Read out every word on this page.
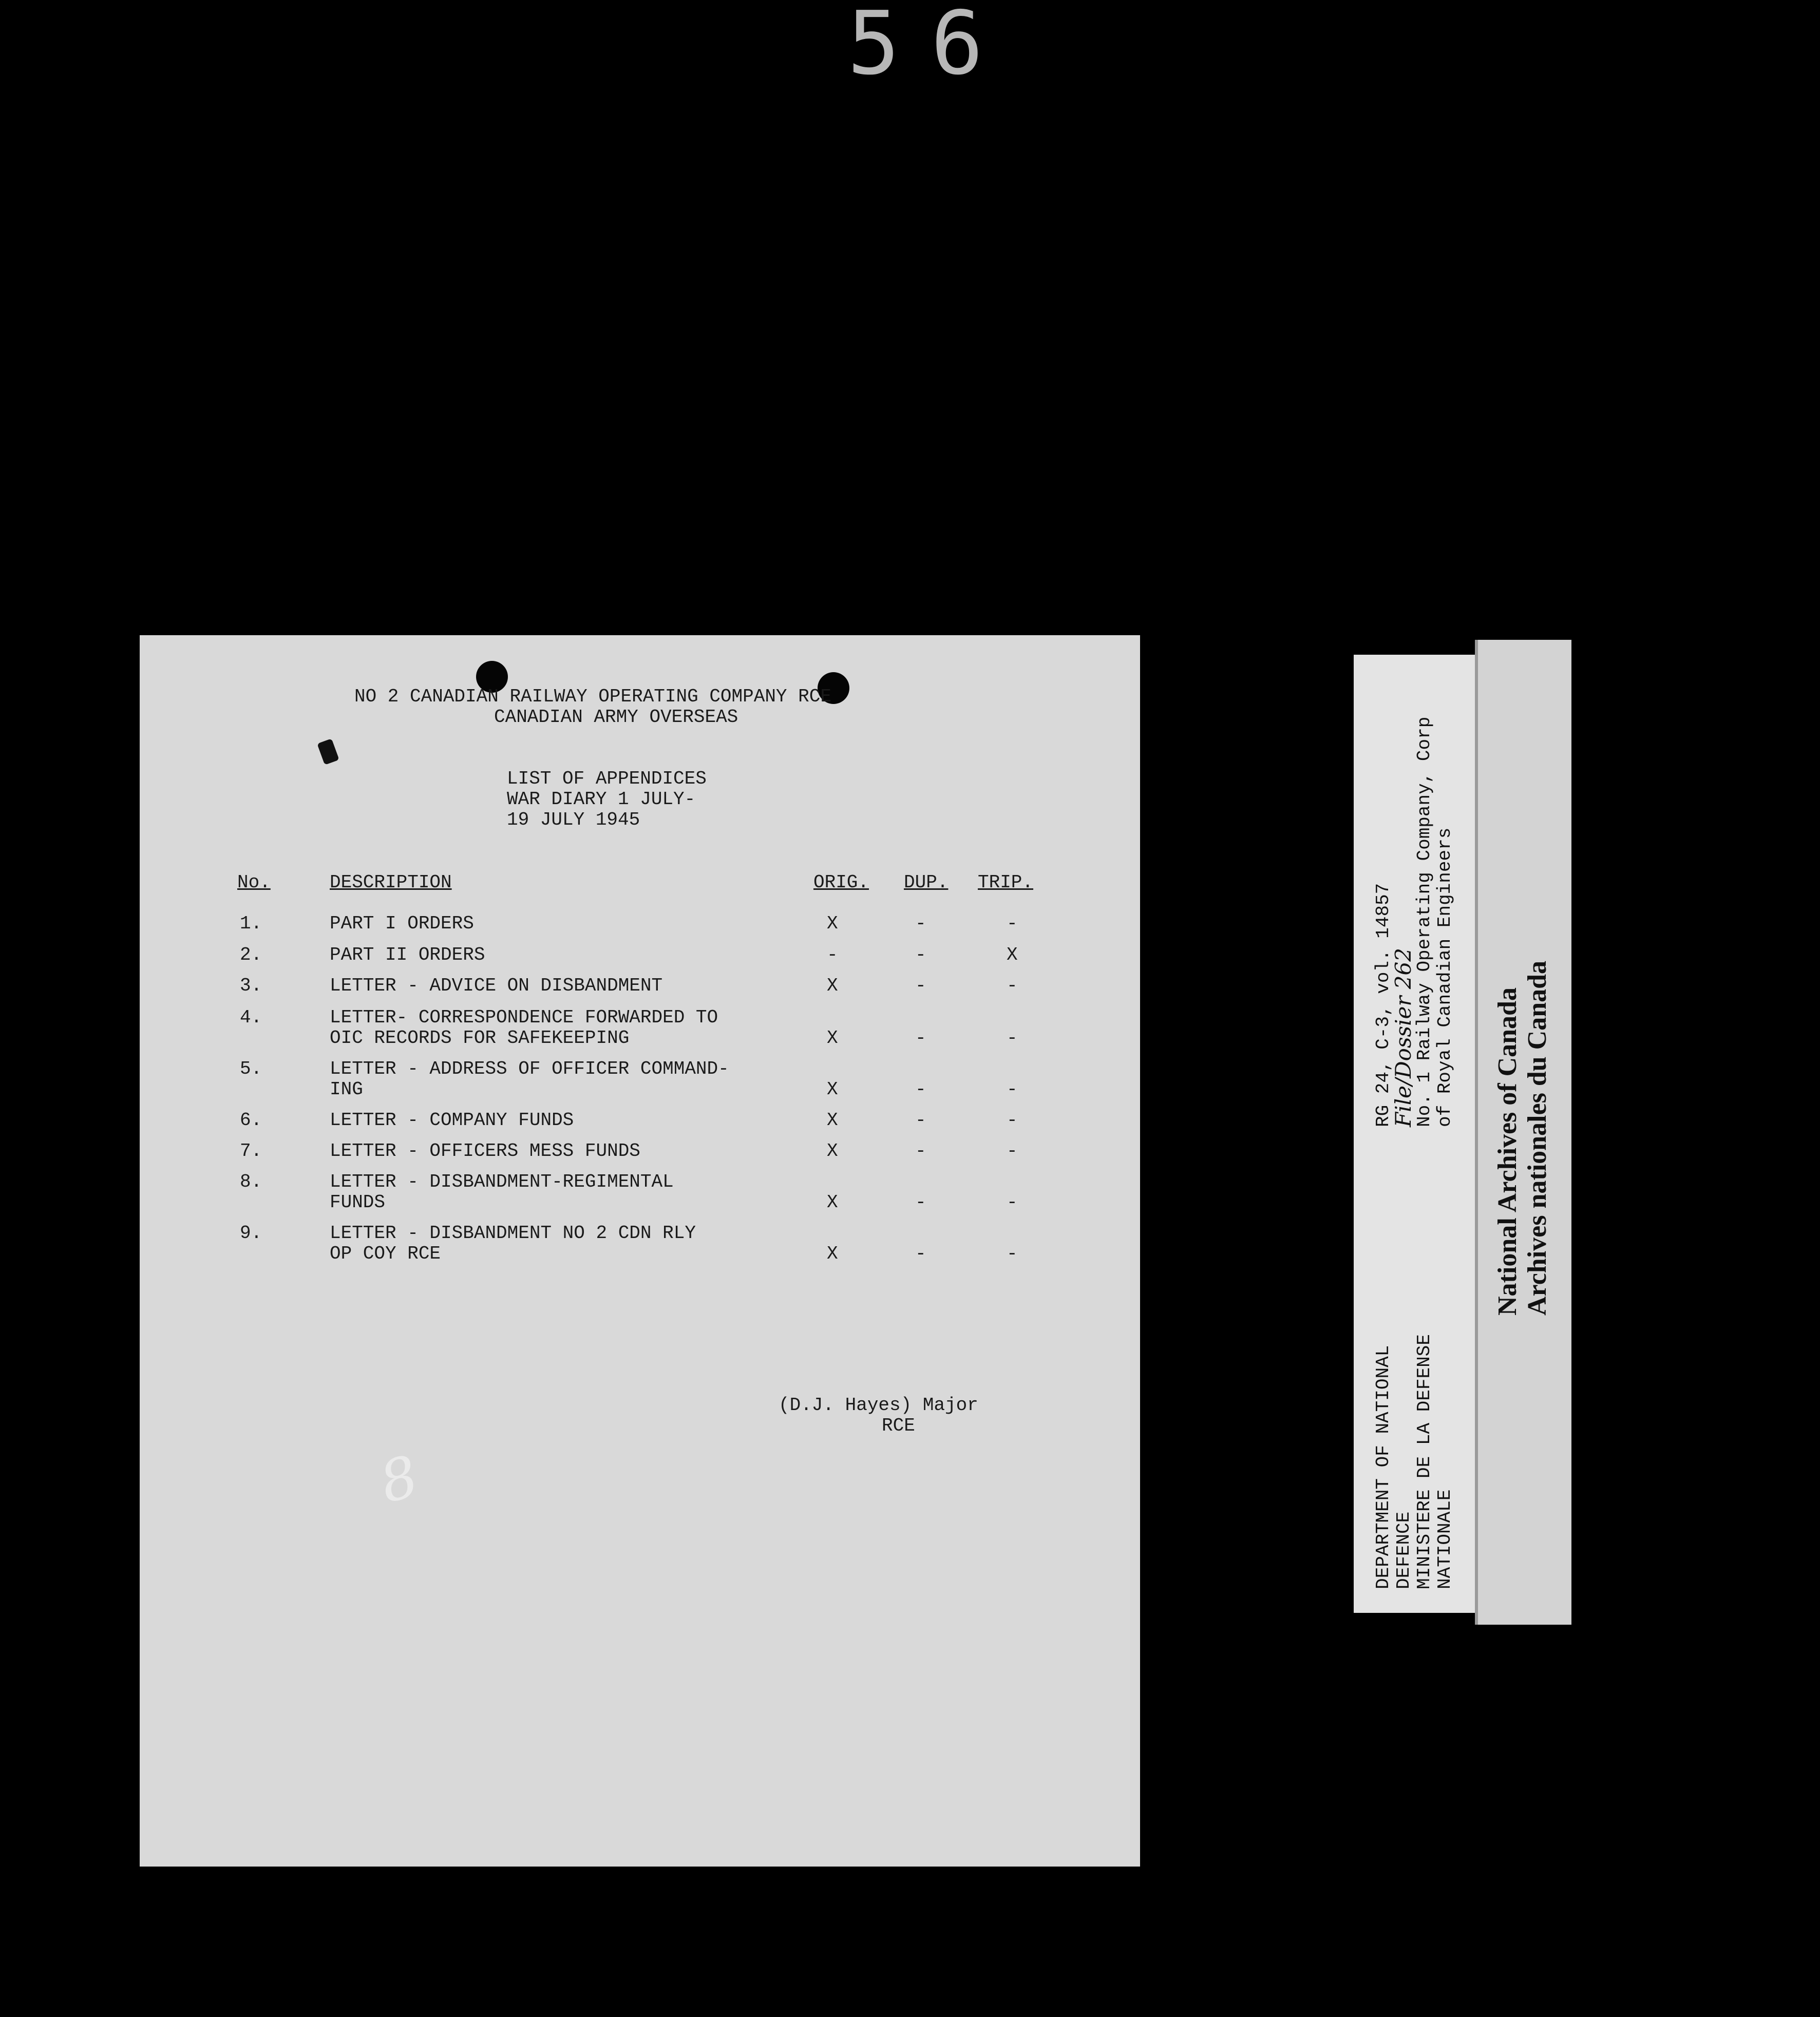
56
NO 2 CANADIAN RAILWAY OPERATING COMPANY RCE
CANADIAN ARMY OVERSEAS
LIST OF APPENDICES
WAR DIARY 1 JULY-
19 JULY 1945
No.	DESCRIPTION	ORIG. DUP. TRIP.
1.	PART I ORDERS	X	-	-
2.	PART II ORDERS	-	-	X
3.	LETTER - ADVICE ON DISBANDMENT	X	-	-
4.	LETTER- CORRESPONDENCE FORWARDED TO
OIC RECORDS FOR SAFEKEEPING	X	-	-
5.	LETTER - ADDRESS OF OFFICER COMMAND-
ING	X	-	-
6.	LETTER - COMPANY FUNDS	X	-	-
7.	LETTER - OFFICERS MESS FUNDS	X	-	-
8.	LETTER - DISBANDMENT-REGIMENTAL
FUNDS	X	-	-
9.	LETTER - DISBANDMENT NO 2 CDN RLY
OP COY RCE	X	-	-
(D.J. Hayes) Major
RCE
8	DEPARTMENT OF NATIONAL DEFENCE MINISTERE DE LA DEFENSE NATIONALE
RG 24, C-3, vol. 14857
File/Dossier 262
No. 1 Railway Operating Company, Corp of Royal Canadian Engineers
National Archives of Canada Archives nationales du Canada
